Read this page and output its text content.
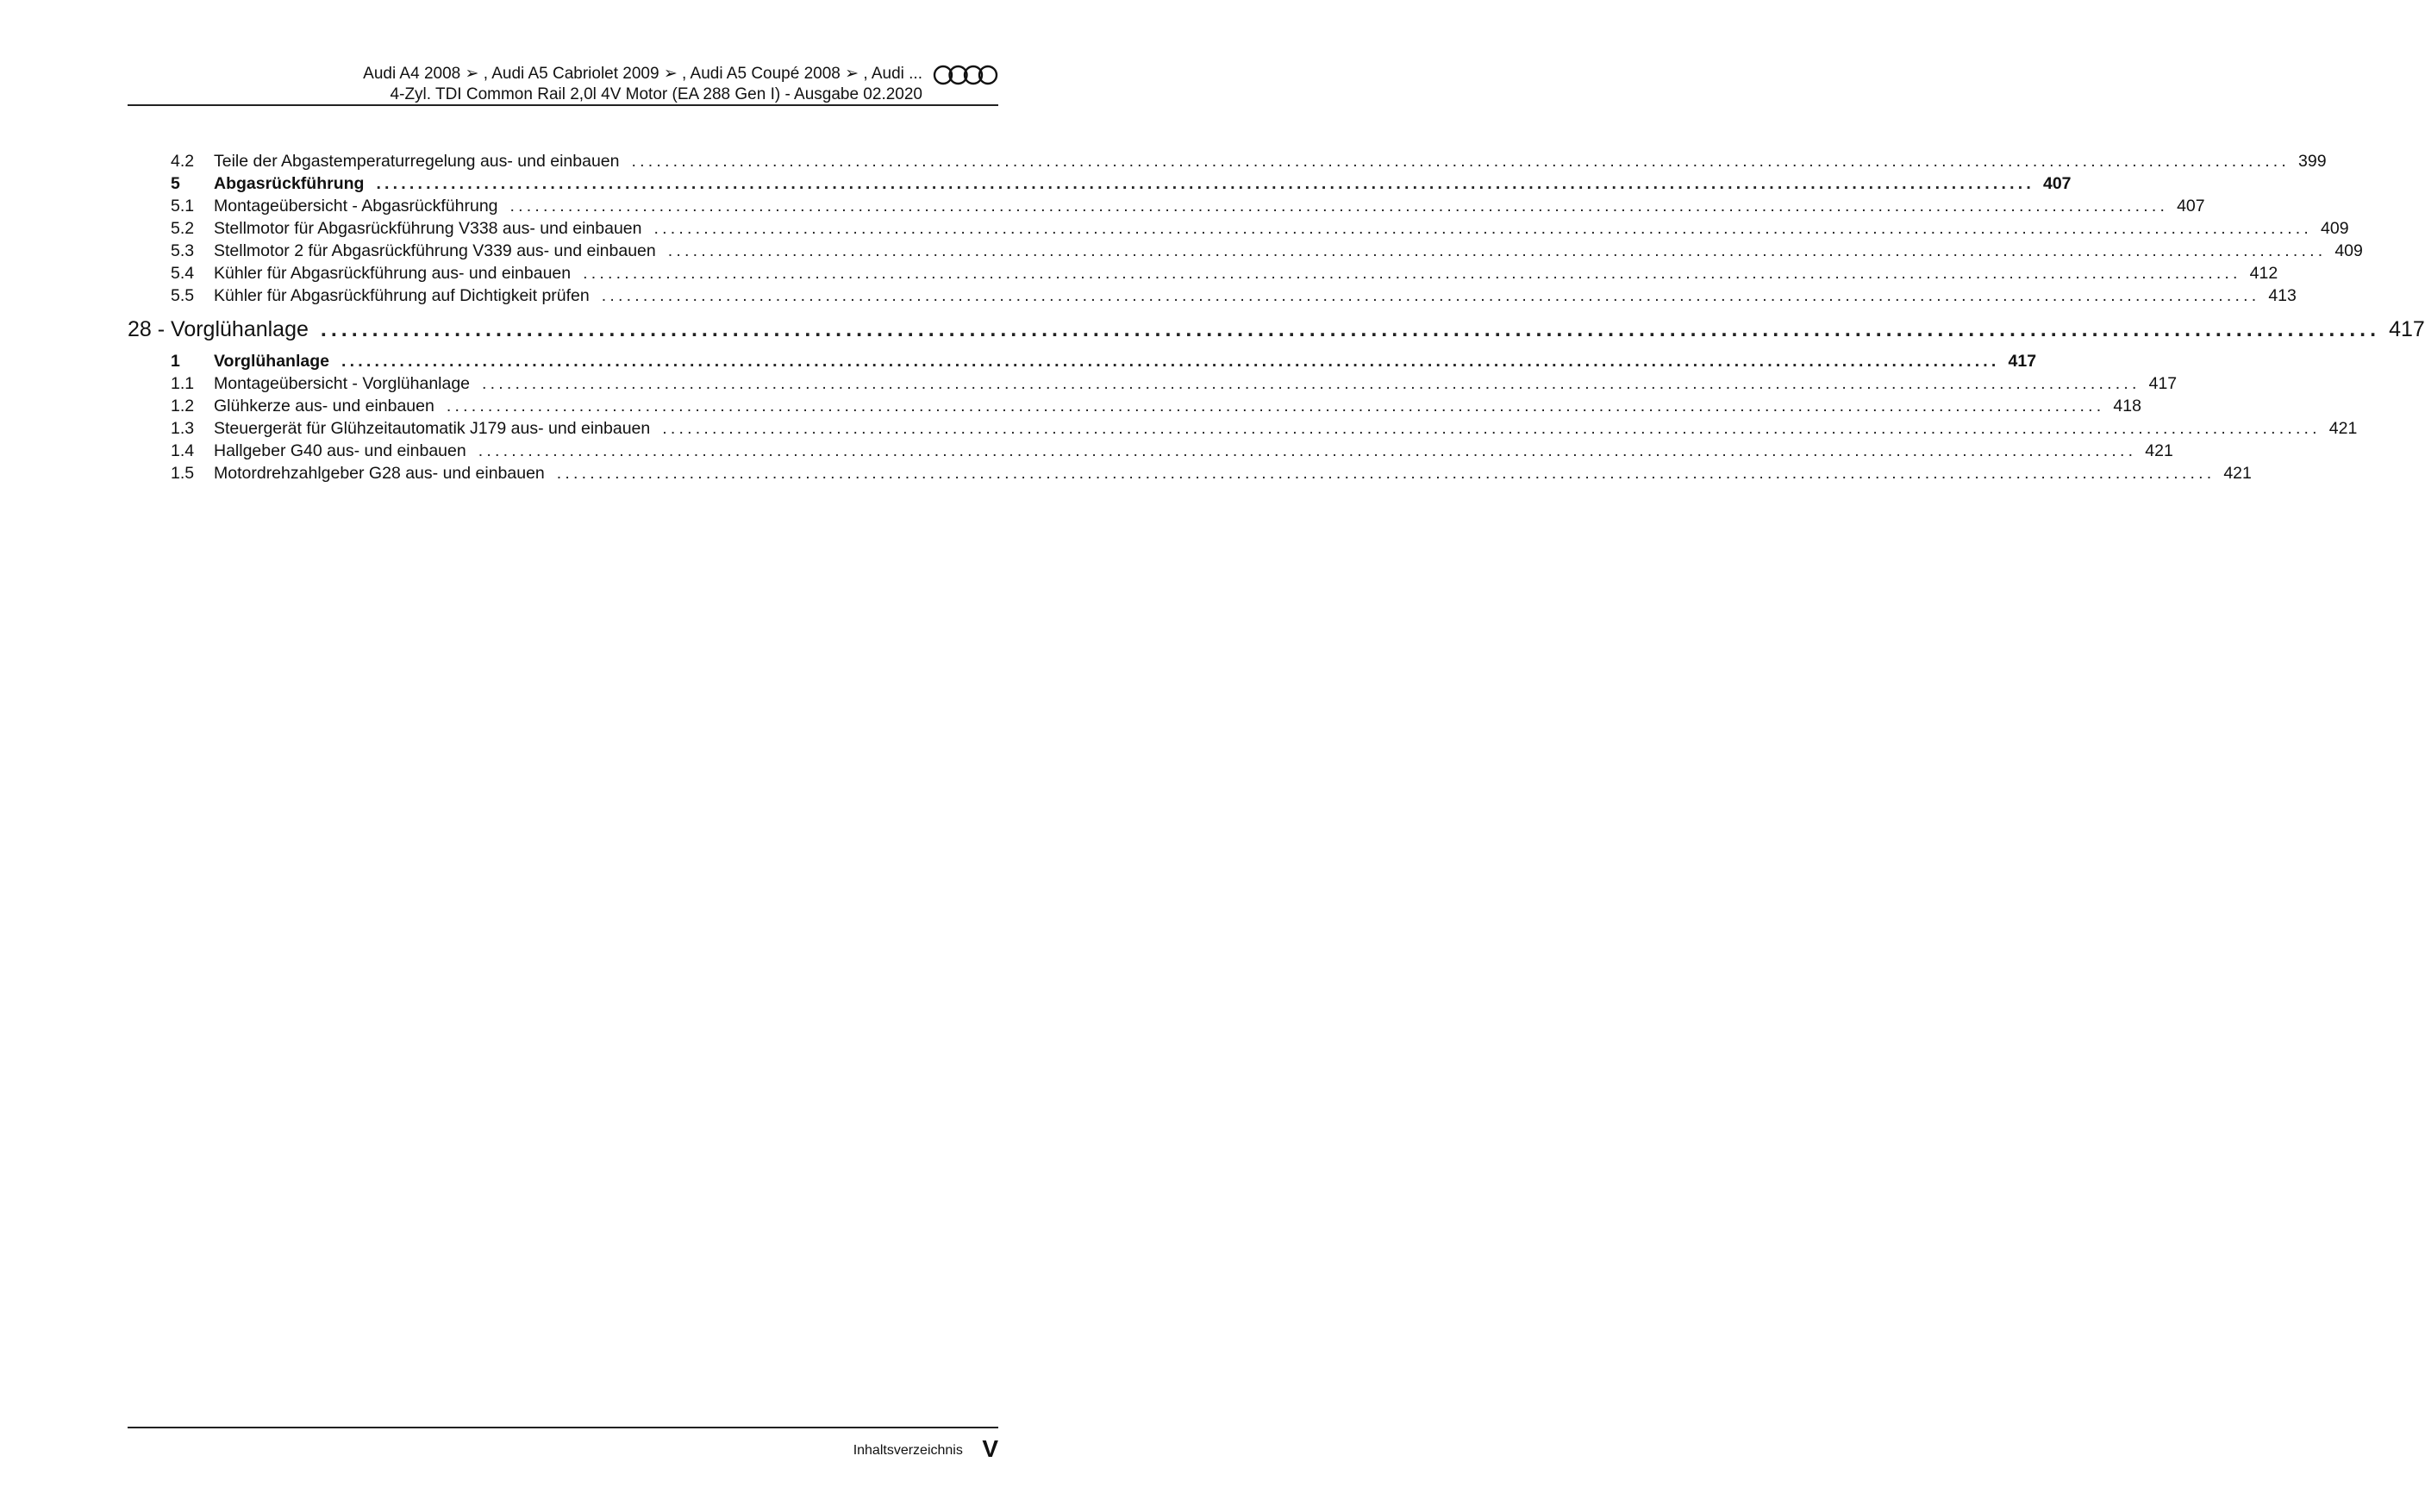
Audi A4 2008 ➢ , Audi A5 Cabriolet 2009 ➢ , Audi A5 Coupé 2008 ➢ , Audi ...
4-Zyl. TDI Common Rail 2,0l 4V Motor (EA 288 Gen I) - Ausgabe 02.2020
4.2	Teile der Abgastemperaturregelung aus- und einbauen ........................................................................................................................................................................................................ 399
5	Abgasrückführung ........................................................................................................................................................................................................ 407
5.1	Montageübersicht - Abgasrückführung ........................................................................................................................................................................................................ 407
5.2	Stellmotor für Abgasrückführung V338 aus- und einbauen ........................................................................................................................................................................................................ 409
5.3	Stellmotor 2 für Abgasrückführung V339 aus- und einbauen ........................................................................................................................................................................................................ 409
5.4	Kühler für Abgasrückführung aus- und einbauen ........................................................................................................................................................................................................ 412
5.5	Kühler für Abgasrückführung auf Dichtigkeit prüfen ........................................................................................................................................................................................................ 413
28 - Vorglühanlage ........................................................................................................................................................................................................ 417
1	Vorglühanlage ........................................................................................................................................................................................................ 417
1.1	Montageübersicht - Vorglühanlage ........................................................................................................................................................................................................ 417
1.2	Glühkerze aus- und einbauen ........................................................................................................................................................................................................ 418
1.3	Steuergerät für Glühzeitautomatik J179 aus- und einbauen ........................................................................................................................................................................................................ 421
1.4	Hallgeber G40 aus- und einbauen ........................................................................................................................................................................................................ 421
1.5	Motordrehzahlgeber G28 aus- und einbauen ........................................................................................................................................................................................................ 421
Inhaltsverzeichnis V
